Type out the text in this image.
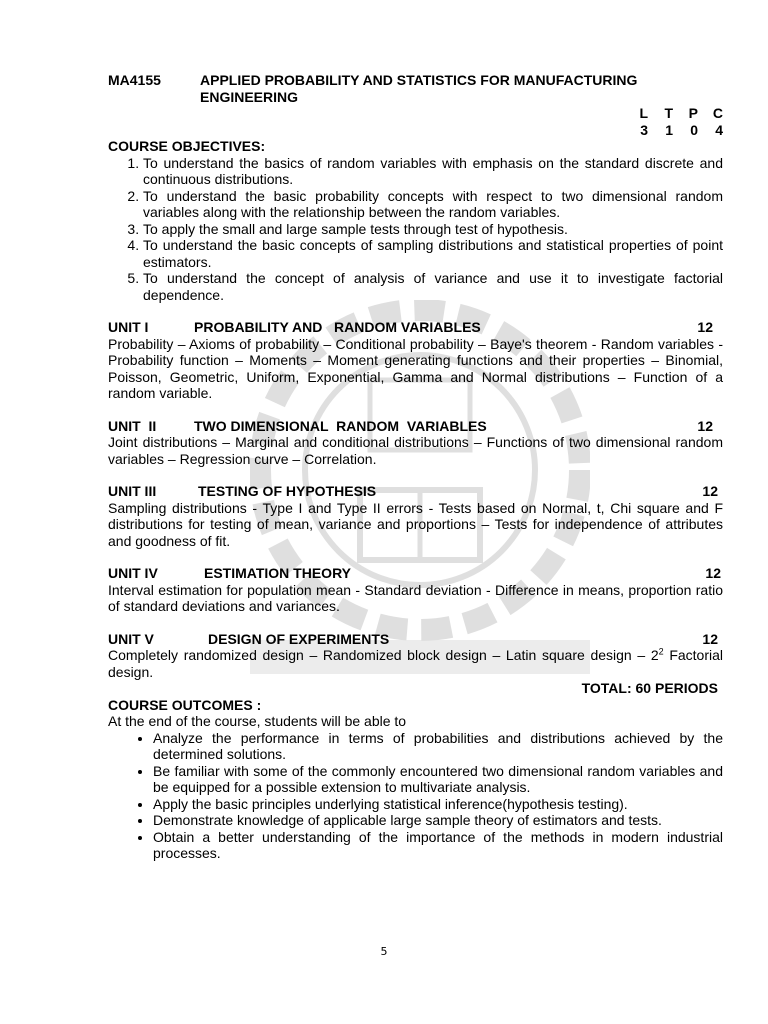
MA4155	APPLIED PROBABILITY AND STATISTICS FOR MANUFACTURING
ENGINEERING
L	T	P	C
3	1	0	4
COURSE OBJECTIVES:
1. To understand the basics of random variables with emphasis on the standard discrete and continuous distributions.
2. To understand the basic probability concepts with respect to two dimensional random variables along with the relationship between the random variables.
3. To apply the small and large sample tests through test of hypothesis.
4. To understand the basic concepts of sampling distributions and statistical properties of point estimators.
5. To understand the concept of analysis of variance and use it to investigate factorial dependence.
UNIT I	PROBABILITY AND   RANDOM VARIABLES	12
Probability – Axioms of probability – Conditional probability – Baye's theorem - Random variables - Probability function – Moments – Moment generating functions and their properties – Binomial, Poisson, Geometric, Uniform, Exponential, Gamma and Normal distributions – Function of a random variable.
UNIT  II	TWO DIMENSIONAL  RANDOM  VARIABLES	12
Joint distributions – Marginal and conditional distributions – Functions of two dimensional random variables – Regression curve – Correlation.
UNIT III	TESTING OF HYPOTHESIS	12
Sampling distributions - Type I and Type II errors - Tests based on Normal, t, Chi square and F distributions for testing of mean, variance and proportions – Tests for independence of attributes and goodness of fit.
UNIT IV	ESTIMATION THEORY	12
Interval estimation for population mean - Standard deviation - Difference in means, proportion ratio of standard deviations and variances.
UNIT V	DESIGN OF EXPERIMENTS	12
Completely randomized design – Randomized block design – Latin square design – $2^2$ Factorial design.
TOTAL: 60 PERIODS
COURSE OUTCOMES :
At the end of the course, students will be able to
• Analyze the performance in terms of probabilities and distributions achieved by the determined solutions.
• Be familiar with some of the commonly encountered two dimensional random variables and be equipped for a possible extension to multivariate analysis.
• Apply the basic principles underlying statistical inference(hypothesis testing).
• Demonstrate knowledge of applicable large sample theory of estimators and tests.
• Obtain a better understanding of the importance of the methods in modern industrial processes.
5
